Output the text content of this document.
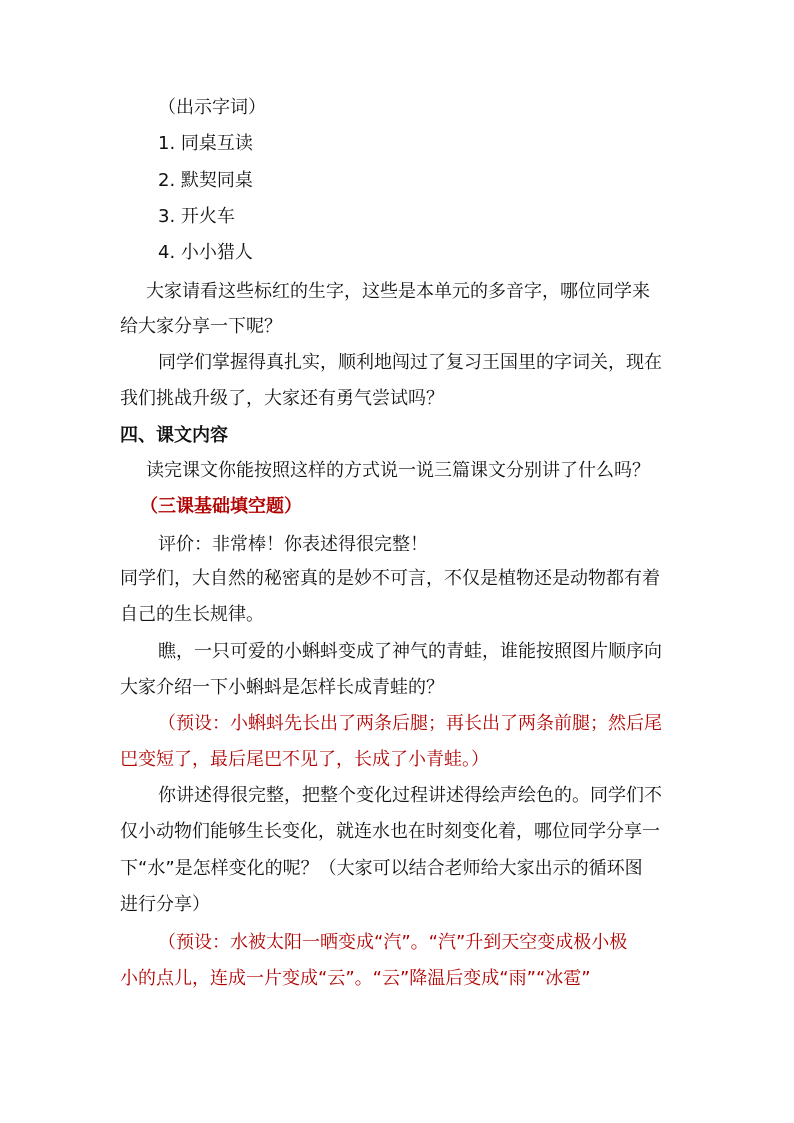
（出示字词）
1. 同桌互读
2. 默契同桌
3. 开火车
4. 小小猎人
大家请看这些标红的生字，这些是本单元的多音字，哪位同学来
给大家分享一下呢？
同学们掌握得真扎实，顺利地闯过了复习王国里的字词关，现在
我们挑战升级了，大家还有勇气尝试吗？
四、课文内容
读完课文你能按照这样的方式说一说三篇课文分别讲了什么吗？
（三课基础填空题）
评价：非常棒！你表述得很完整！
同学们，大自然的秘密真的是妙不可言，不仅是植物还是动物都有着
自己的生长规律。
瞧，一只可爱的小蝌蚪变成了神气的青蛙，谁能按照图片顺序向
大家介绍一下小蝌蚪是怎样长成青蛙的？
（预设：小蝌蚪先长出了两条后腿；再长出了两条前腿；然后尾
巴变短了，最后尾巴不见了，长成了小青蛙。）
你讲述得很完整，把整个变化过程讲述得绘声绘色的。同学们不
仅小动物们能够生长变化，就连水也在时刻变化着，哪位同学分享一
下“水”是怎样变化的呢？（大家可以结合老师给大家出示的循环图
进行分享）
（预设：水被太阳一晒变成“汽”。“汽”升到天空变成极小极
小的点儿，连成一片变成“云”。“云”降温后变成“雨”“冰雹”
